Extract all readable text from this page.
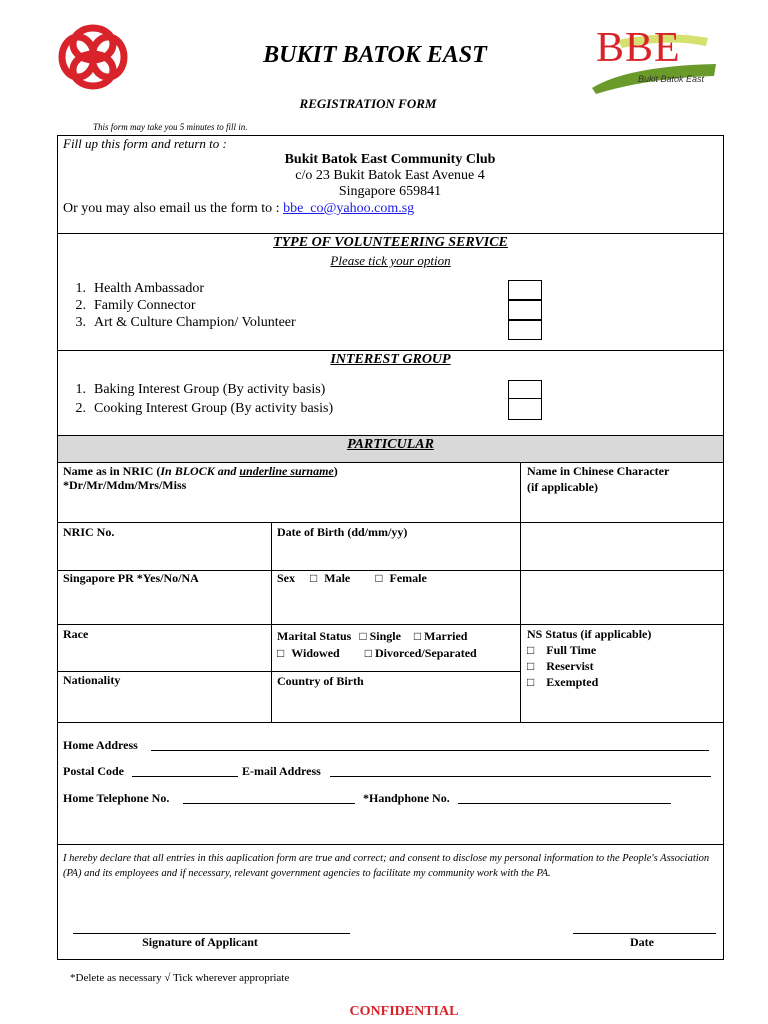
BBE
Bukit Batok East
BUKIT BATOK EAST
REGISTRATION FORM
This form may take you 5 minutes to fill in.
Fill up this form and return to :
Bukit Batok East Community Club
c/o 23 Bukit Batok East Avenue 4
Singapore 659841
Or you may also email us the form to : bbe_co@yahoo.com.sg
TYPE OF VOLUNTEERING SERVICE
Please tick your option
1. Health Ambassador
2. Family Connector
3. Art & Culture Champion/ Volunteer
INTEREST GROUP
1. Baking Interest Group (By activity basis)
2. Cooking Interest Group (By activity basis)
PARTICULAR
Name as in NRIC (In BLOCK and underline surname)
*Dr/Mr/Mdm/Mrs/Miss
Name in Chinese Character
(if applicable)
NRIC No.	Date of Birth (dd/mm/yy)
Singapore PR *Yes/No/NA	Sex □ Male □ Female
Race	Marital Status □ Single □ Married
□ Widowed □ Divorced/Separated
NS Status (if applicable)
□ Full Time
□ Reservist
□ Exempted
Nationality	Country of Birth
Home Address
Postal Code	E-mail Address
Home Telephone No.	*Handphone No.
I hereby declare that all entries in this aaplication form are true and correct; and consent to disclose my personal information to the People's Association (PA) and its employees and if necessary, relevant government agencies to facilitate my community work with the PA.
Signature of Applicant	Date
*Delete as necessary √ Tick wherever appropriate
CONFIDENTIAL
